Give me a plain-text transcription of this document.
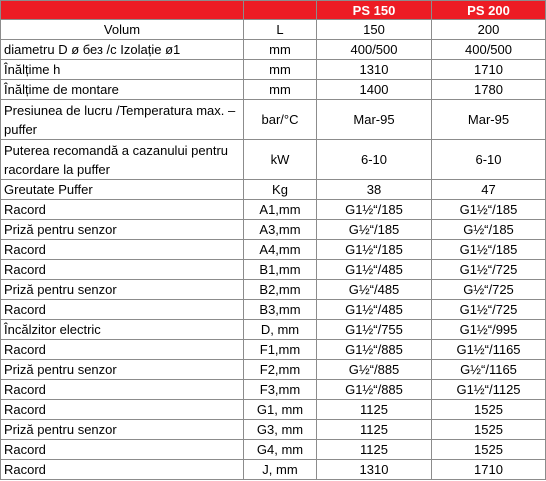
		PS 150	PS 200
Volum	L	150	200
diametru D ø без /c Izolație ø1	mm	400/500	400/500
Înălțime h	mm	1310	1710
Înălțime de montare	mm	1400	1780
Presiunea de lucru /Temperatura max. – puffer	bar/°C	Mar-95	Mar-95
Puterea recomandă a cazanului pentru racordare la puffer	kW	6-10	6-10
Greutate Puffer	Kg	38	47
Racord	A1,mm	G1½“/185	G1½“/185
Priză pentru senzor	A3,mm	G½“/185	G½“/185
Racord	A4,mm	G1½“/185	G1½“/185
Racord	B1,mm	G1½“/485	G1½“/725
Priză pentru senzor	B2,mm	G½“/485	G½“/725
Racord	B3,mm	G1½“/485	G1½“/725
Încălzitor electric	D, mm	G1½“/755	G1½“/995
Racord	F1,mm	G1½“/885	G1½“/1165
Priză pentru senzor	F2,mm	G½“/885	G½“/1165
Racord	F3,mm	G1½“/885	G1½“/1125
Racord	G1, mm	1125	1525
Priză pentru senzor	G3, mm	1125	1525
Racord	G4, mm	1125	1525
Racord	J, mm	1310	1710
